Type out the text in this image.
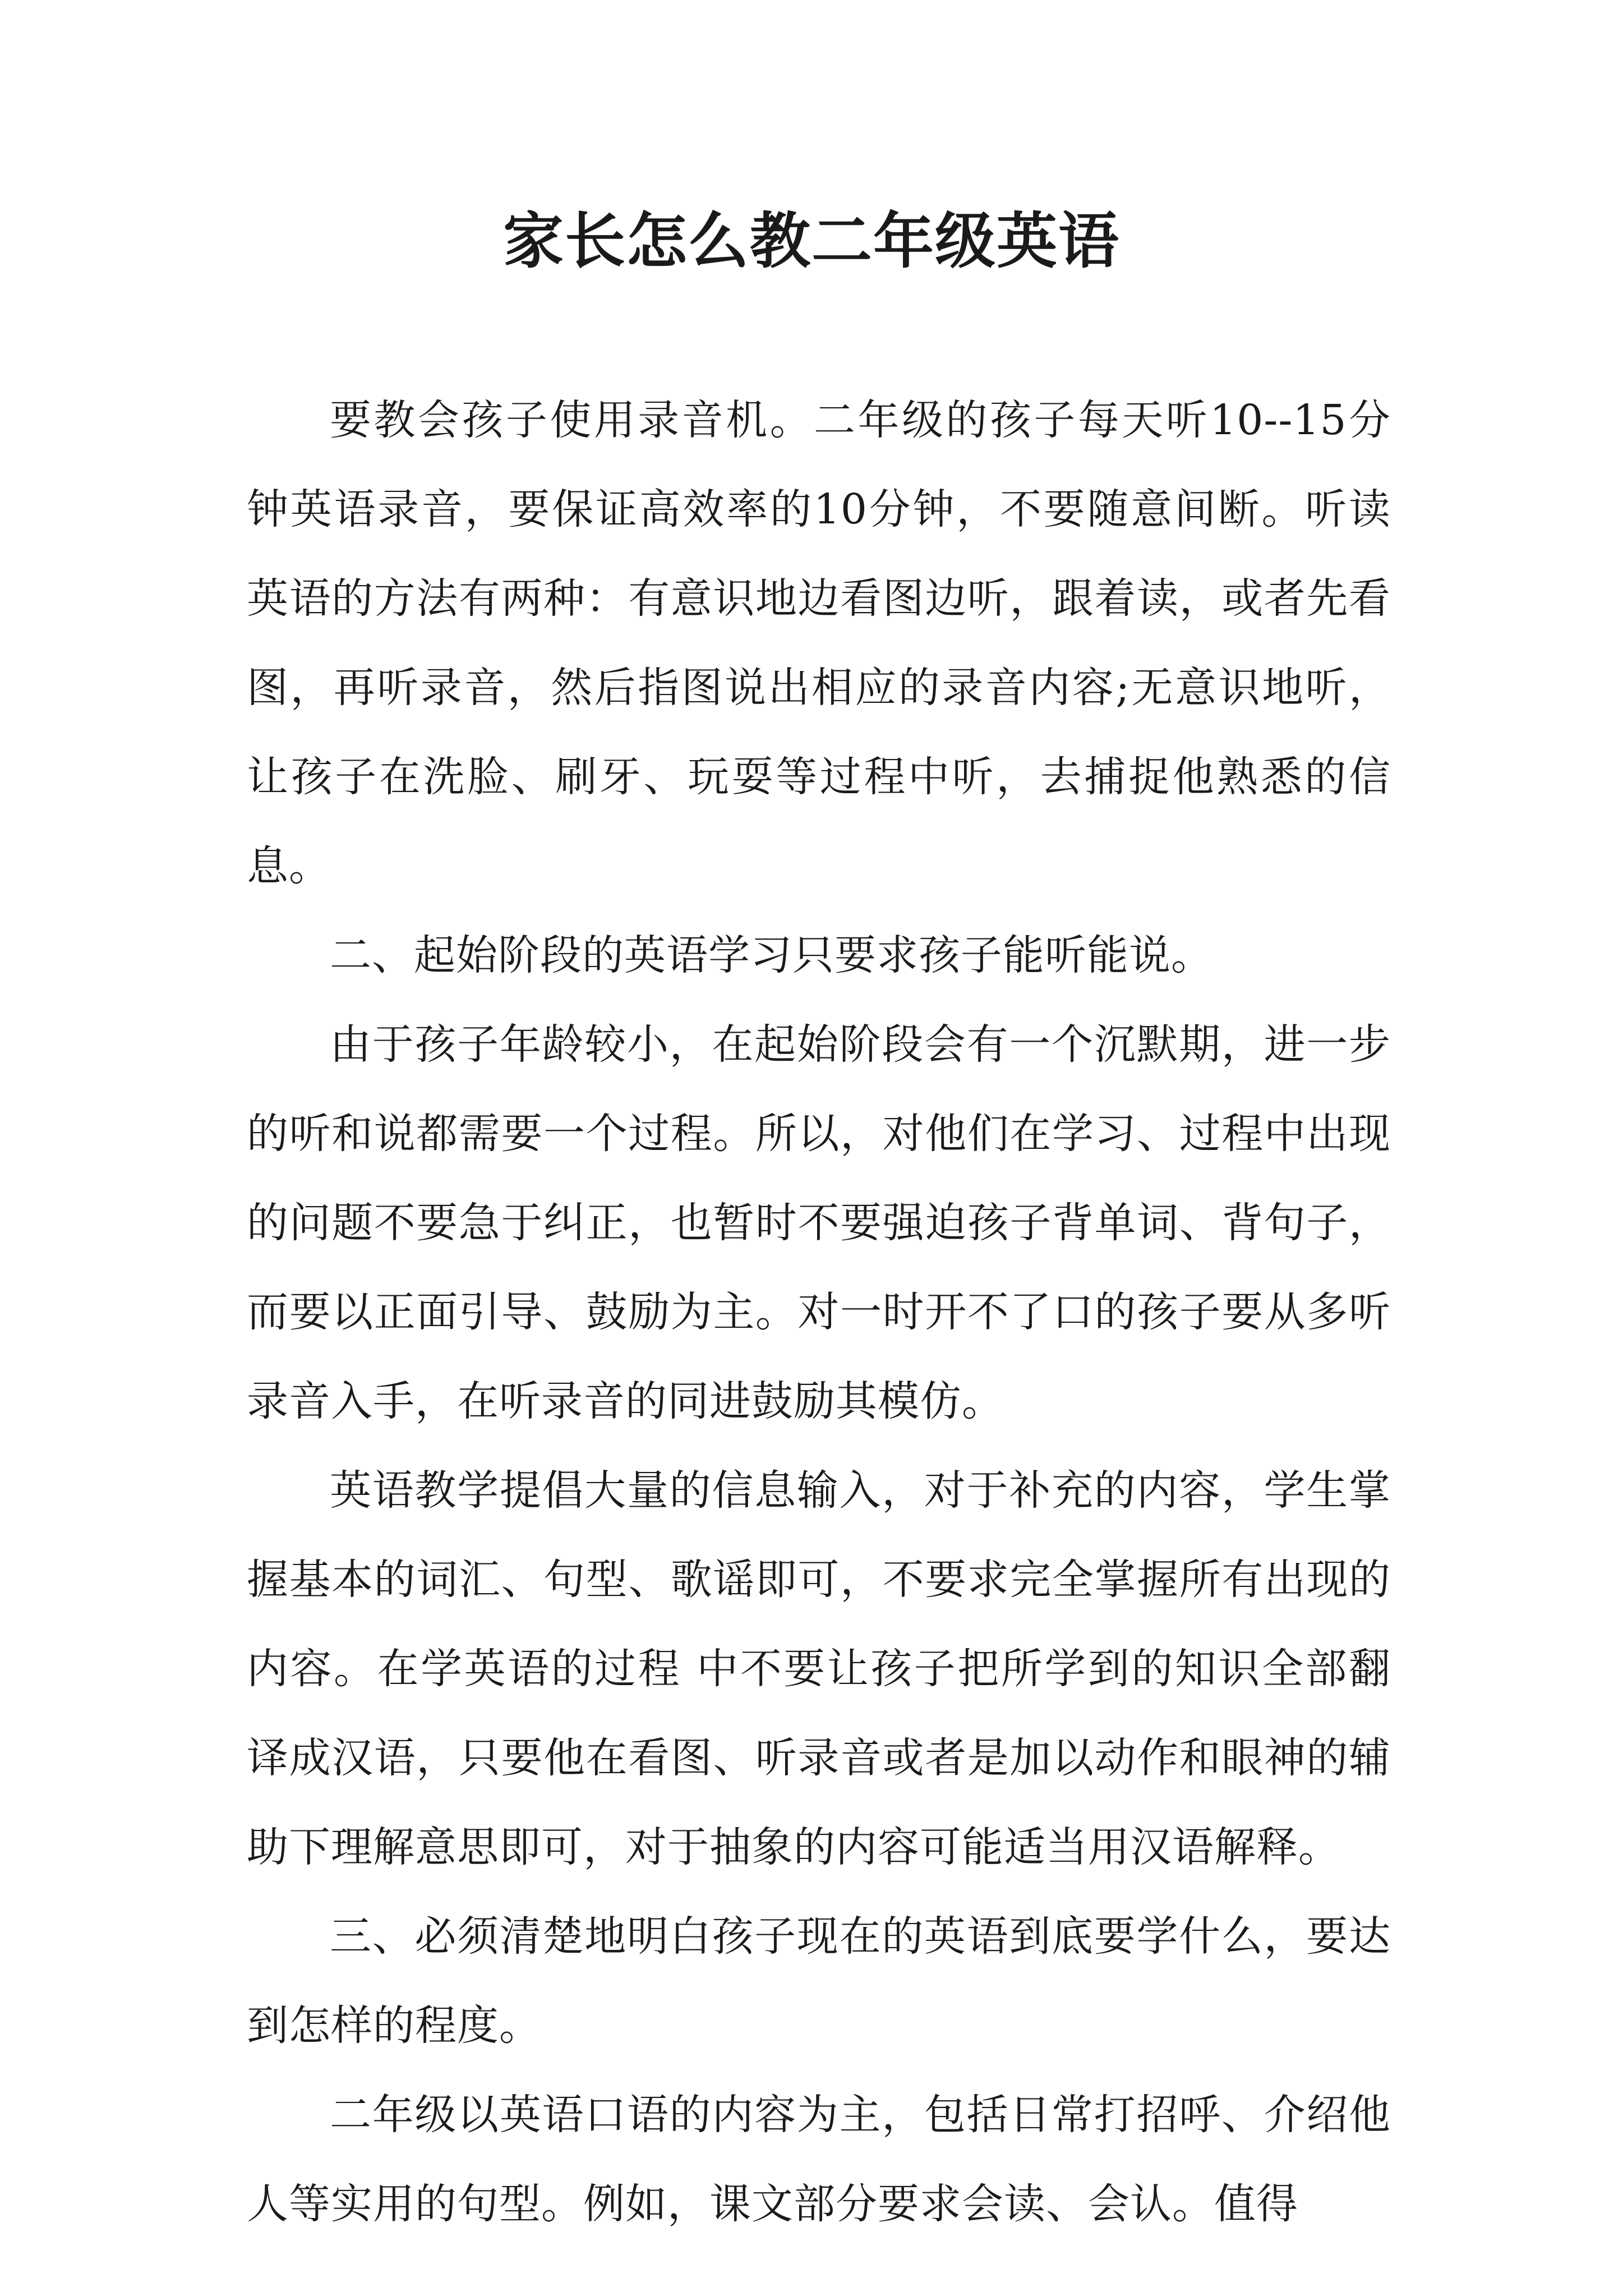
家长怎么教二年级英语

要教会孩子使用录音机。二年级的孩子每天听10--15分钟英语录音，要保证高效率的10分钟，不要随意间断。听读英语的方法有两种：有意识地边看图边听，跟着读，或者先看图，再听录音，然后指图说出相应的录音内容;无意识地听，让孩子在洗脸、刷牙、玩耍等过程中听，去捕捉他熟悉的信息。

二、起始阶段的英语学习只要求孩子能听能说。

由于孩子年龄较小，在起始阶段会有一个沉默期，进一步的听和说都需要一个过程。所以，对他们在学习、过程中出现的问题不要急于纠正，也暂时不要强迫孩子背单词、背句子，而要以正面引导、鼓励为主。对一时开不了口的孩子要从多听录音入手，在听录音的同进鼓励其模仿。

英语教学提倡大量的信息输入，对于补充的内容，学生掌握基本的词汇、句型、歌谣即可，不要求完全掌握所有出现的内容。在学英语的过程 中不要让孩子把所学到的知识全部翻译成汉语，只要他在看图、听录音或者是加以动作和眼神的辅助下理解意思即可，对于抽象的内容可能适当用汉语解释。

三、必须清楚地明白孩子现在的英语到底要学什么，要达到怎样的程度。

二年级以英语口语的内容为主，包括日常打招呼、介绍他人等实用的句型。例如，课文部分要求会读、会认。值得
